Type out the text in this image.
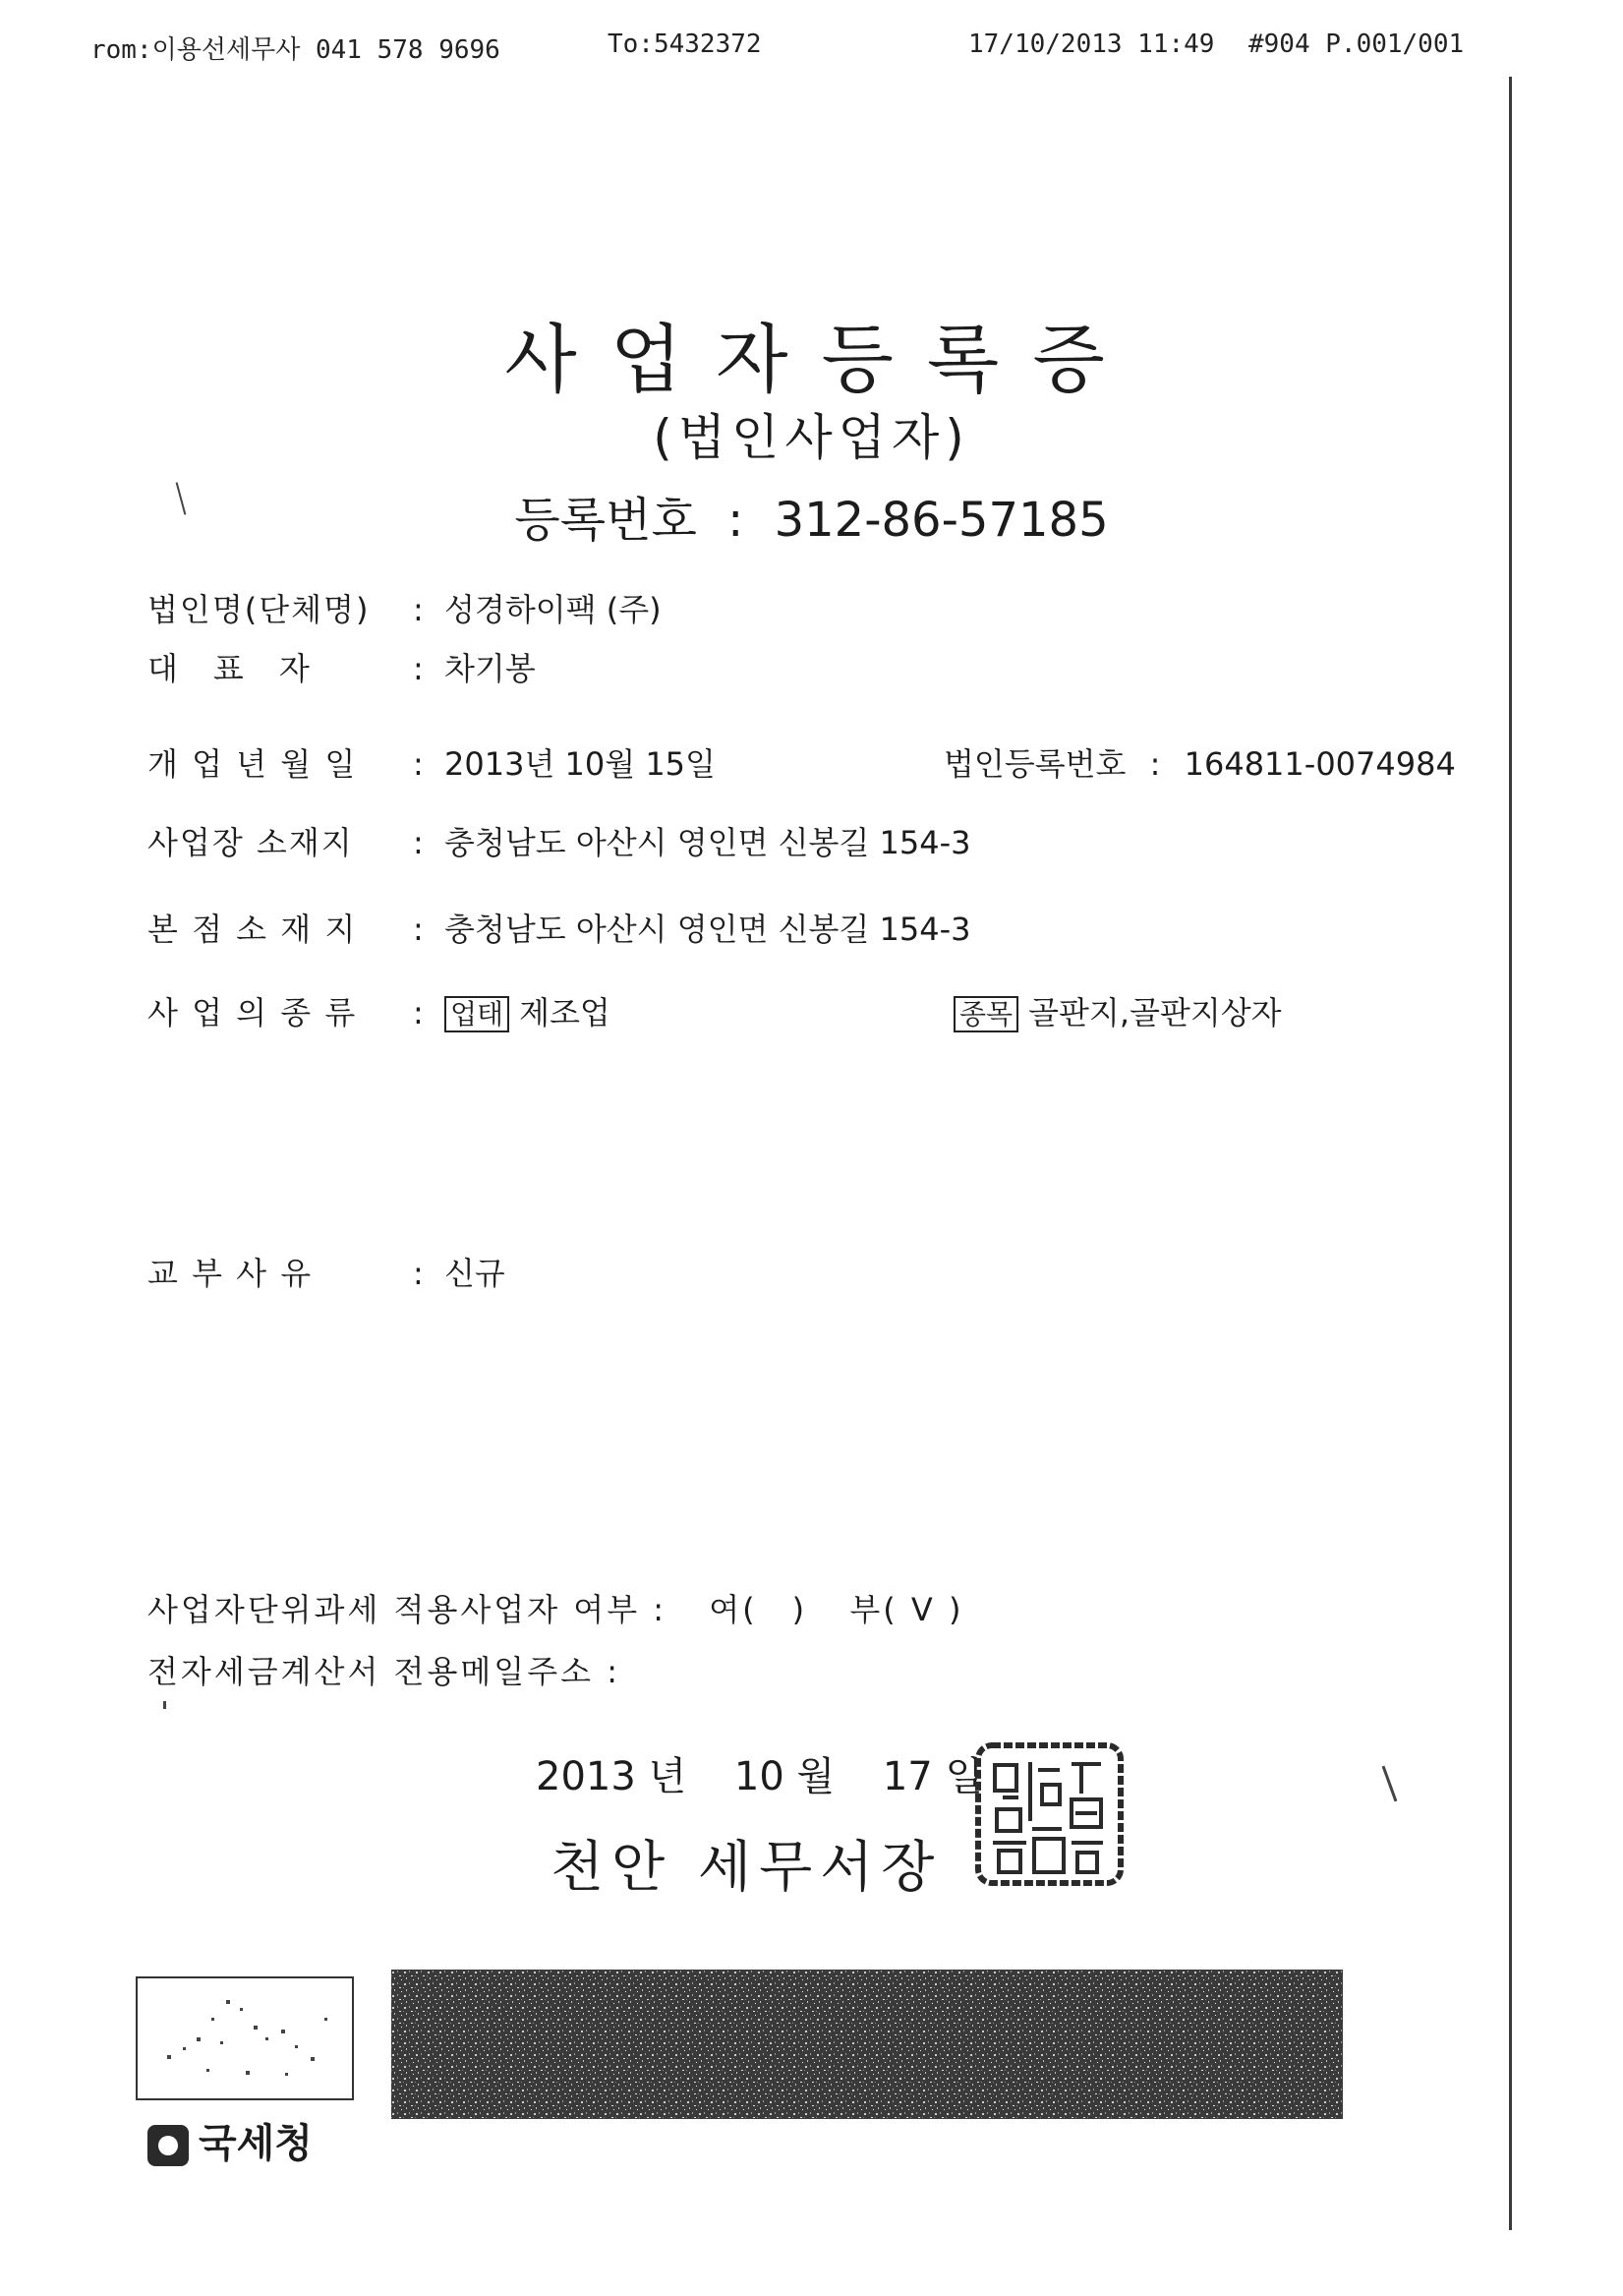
rom:이용선세무사 041 578 9696	To:5432372	17/10/2013 11:49 #904 P.001/001
사업자등록증
(법인사업자)
등록번호 : 312-86-57185
법인명(단체명) : 성경하이팩 (주)
대　표　자	: 차기봉
개 업 년 월 일 : 2013년 10월 15일	법인등록번호 : 164811-0074984
사업장 소재지 : 충청남도 아산시 영인면 신봉길 154-3
본 점 소 재 지 : 충청남도 아산시 영인면 신봉길 154-3
사 업 의 종 류 : 업태 제조업	종목 골판지,골판지상자
교 부 사 유	: 신규
사업자단위과세 적용사업자 여부 : 여(　) 부( V )
전자세금계산서 전용메일주소 :
2013 년 10 월 17 일
천안 세무서장
국세청
